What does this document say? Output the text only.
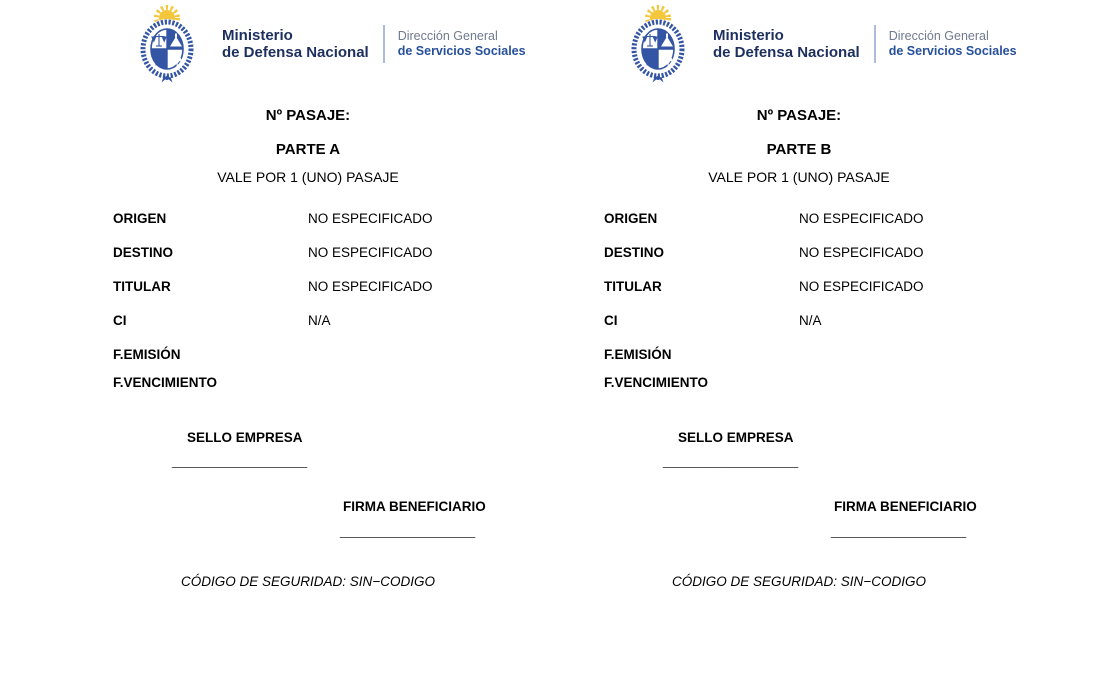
Ministerio
de Defensa Nacional
Dirección General
de Servicios Sociales
Nº PASAJE:
PARTE A
VALE POR 1 (UNO) PASAJE
ORIGEN	NO ESPECIFICADO
DESTINO	NO ESPECIFICADO
TITULAR	NO ESPECIFICADO
CI	N/A
F.EMISIÓN
F.VENCIMIENTO
SELLO EMPRESA
__________________
FIRMA BENEFICIARIO
__________________
CÓDIGO DE SEGURIDAD: SIN−CODIGO
Ministerio
de Defensa Nacional
Dirección General
de Servicios Sociales
Nº PASAJE:
PARTE B
VALE POR 1 (UNO) PASAJE
ORIGEN	NO ESPECIFICADO
DESTINO	NO ESPECIFICADO
TITULAR	NO ESPECIFICADO
CI	N/A
F.EMISIÓN
F.VENCIMIENTO
SELLO EMPRESA
__________________
FIRMA BENEFICIARIO
__________________
CÓDIGO DE SEGURIDAD: SIN−CODIGO
